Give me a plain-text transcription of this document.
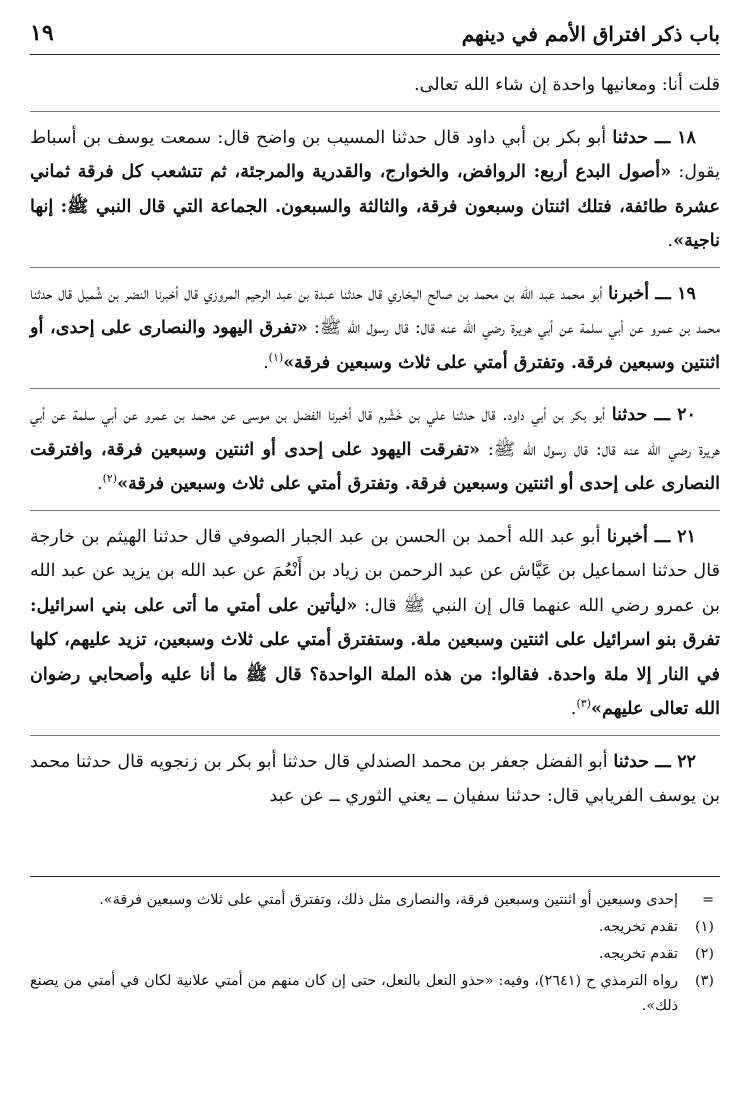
باب ذكر افتراق الأمم في دينهم
١٩

قلت أنا: ومعانيها واحدة إن شاء الله تعالى.

١٨ ـــ حدثنا أبو بكر بن أبي داود قال حدثنا المسيب بن واضح قال: سمعت يوسف بن أسباط يقول: «أصول البدع أربع: الروافض، والخوارج، والقدرية والمرجئة، ثم تتشعب كل فرقة ثماني عشرة طائفة، فتلك اثنتان وسبعون فرقة، والثالثة والسبعون. الجماعة التي قال النبي ﷺ: إنها ناجية».

١٩ ـــ أخبرنا أبو محمد عبد الله بن محمد بن صالح البخاري قال حدثنا عبدة بن عبد الرحيم المروزي قال أخبرنا النضر بن شُميل قال حدثنا محمد بن عمرو عن أبي سلمة عن أبي هريرة رضي الله عنه قال: قال رسول الله ﷺ: «تفرق اليهود والنصارى على إحدى، أو اثنتين وسبعين فرقة. وتفترق أمتي على ثلاث وسبعين فرقة»$^{(١)}$.

٢٠ ـــ حدثنا أبو بكر بن أبي داود. قال حدثنا علي بن خَشْرم قال أخبرنا الفضل بن موسى عن محمد بن عمرو عن أبي سلمة عن أبي هريرة رضي الله عنه قال: قال رسول الله ﷺ: «تفرقت اليهود على إحدى أو اثنتين وسبعين فرقة، وافترقت النصارى على إحدى أو اثنتين وسبعين فرقة. وتفترق أمتي على ثلاث وسبعين فرقة»$^{(٢)}$.

٢١ ـــ أخبرنا أبو عبد الله أحمد بن الحسن بن عبد الجبار الصوفي قال حدثنا الهيثم بن خارجة قال حدثنا اسماعيل بن عَيَّاش عن عبد الرحمن بن زياد بن أَنْعُمَ عن عبد الله بن يزيد عن عبد الله بن عمرو رضي الله عنهما قال إن النبي ﷺ قال: «ليأتين على أمتي ما أتى على بني اسرائيل: تفرق بنو اسرائيل على اثنتين وسبعين ملة. وستفترق أمتي على ثلاث وسبعين، تزيد عليهم، كلها في النار إلا ملة واحدة. فقالوا: من هذه الملة الواحدة؟ قال ﷺ ما أنا عليه وأصحابي رضوان الله تعالى عليهم»$^{(٣)}$.

٢٢ ـــ حدثنا أبو الفضل جعفر بن محمد الصندلي قال حدثنا أبو بكر بن زنجويه قال حدثنا محمد بن يوسف الفريابي قال: حدثنا سفيان ــ يعني الثوري ــ عن عبد

=
إحدى وسبعين أو اثنتين وسبعين فرقة، والنصارى مثل ذلك، وتفترق أمتي على ثلاث وسبعين فرقة».
(١)
تقدم تخريجه.
(٢)
تقدم تخريجه.
(٣)
رواه الترمذي ح (٢٦٤١)، وفيه: «حذو النعل بالنعل، حتى إن كان منهم من أمتي علانية لكان في أمتي من يصنع ذلك».
